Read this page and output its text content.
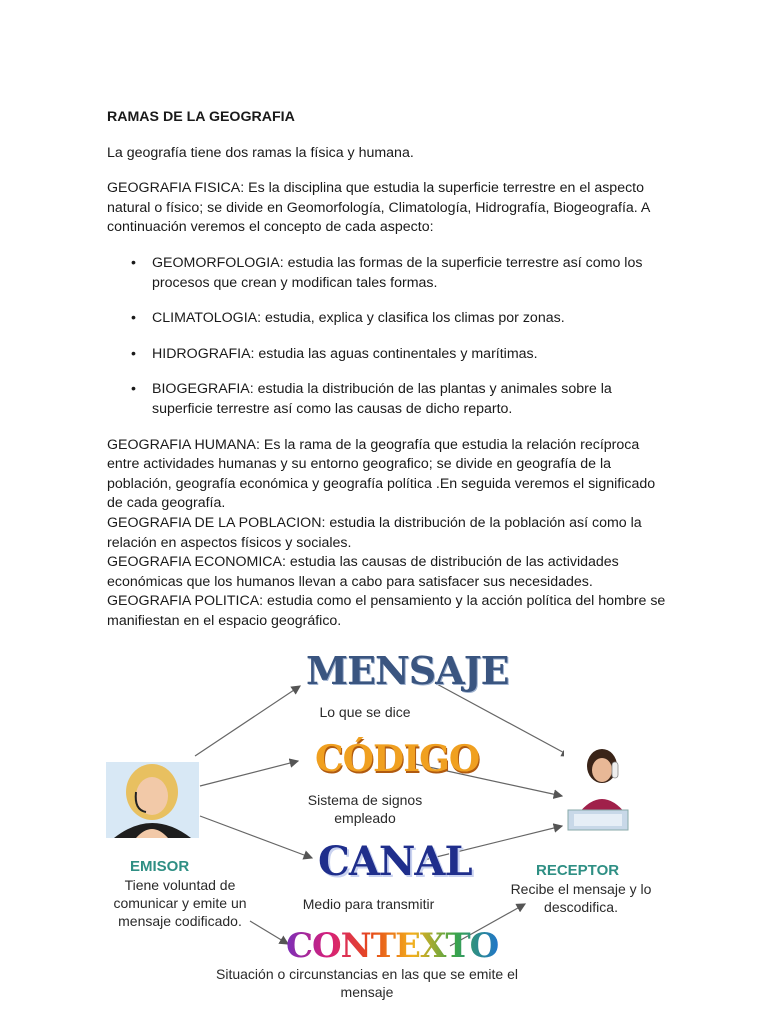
RAMAS DE LA GEOGRAFIA

La geografía tiene dos ramas la física y humana.

GEOGRAFIA FISICA: Es la disciplina que estudia la superficie terrestre en el aspecto natural o físico; se divide en Geomorfología, Climatología, Hidrografía, Biogeografía. A continuación veremos el concepto de cada aspecto:

• GEOMORFOLOGIA: estudia las formas de la superficie terrestre así como los procesos que crean y modifican tales formas.
• CLIMATOLOGIA: estudia, explica y clasifica los climas por zonas.
• HIDROGRAFIA: estudia las aguas continentales y marítimas.
• BIOGEGRAFIA: estudia la distribución de las plantas y animales sobre la superficie terrestre así como las causas de dicho reparto.

GEOGRAFIA HUMANA: Es la rama de la geografía que estudia la relación recíproca entre actividades humanas y su entorno geografico; se divide en geografía de la población, geografía económica y geografía política .En seguida veremos el significado de cada geografía.

GEOGRAFIA DE LA POBLACION: estudia la distribución de la población así como la relación en aspectos físicos y sociales.

GEOGRAFIA ECONOMICA: estudia las causas de distribución de las actividades económicas que los humanos llevan a cabo para satisfacer sus necesidades.

GEOGRAFIA POLITICA: estudia como el pensamiento y la acción política del hombre se manifiestan en el espacio geográfico.

MENSAJE
Lo que se dice
CÓDIGO
Sistema de signos
empleado
CANAL
Medio para transmitir
CONTEXTO
Situación o circunstancias en las que se emite el
mensaje
EMISOR
Tiene voluntad de
comunicar y emite un
mensaje codificado.
RECEPTOR
Recibe el mensaje y lo
descodifica.
